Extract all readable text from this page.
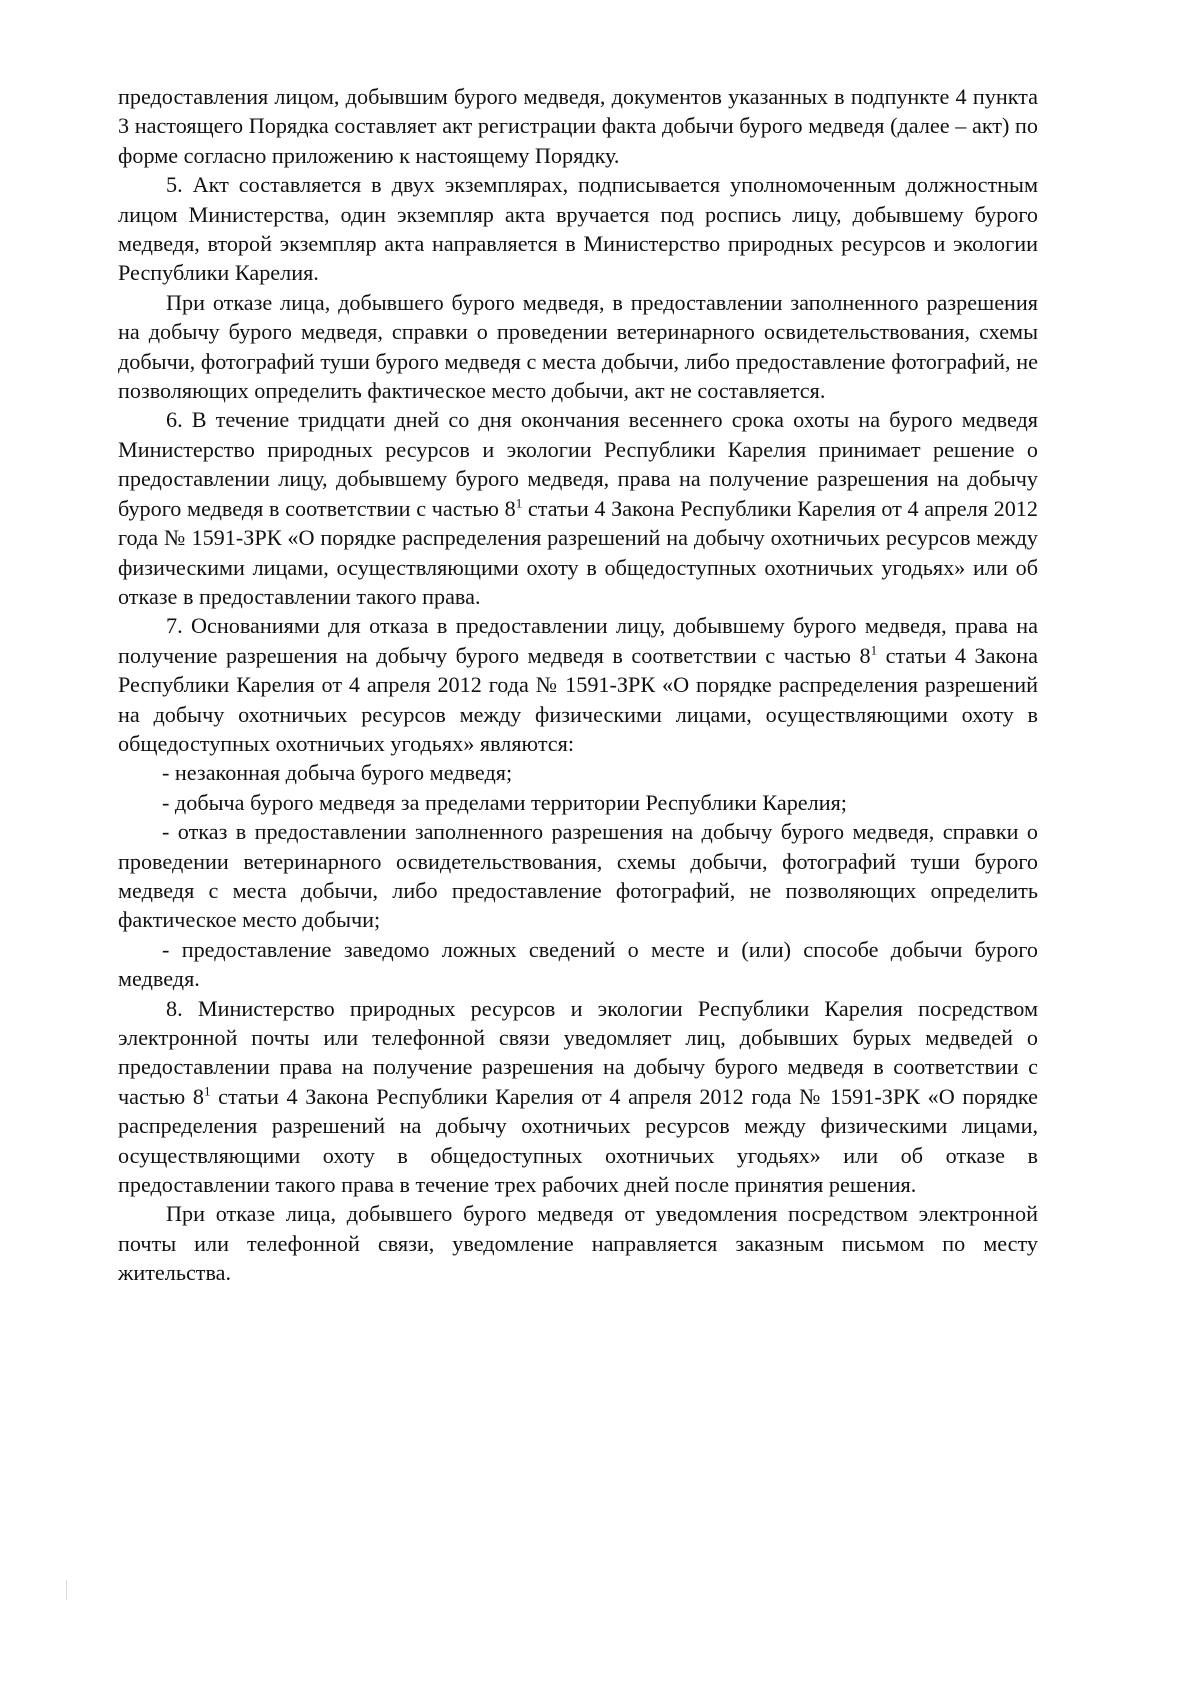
предоставления лицом, добывшим бурого медведя, документов указанных в подпункте 4 пункта 3 настоящего Порядка составляет акт регистрации факта добычи бурого медведя (далее – акт) по форме согласно приложению к настоящему Порядку.

5. Акт составляется в двух экземплярах, подписывается уполномоченным должностным лицом Министерства, один экземпляр акта вручается под роспись лицу, добывшему бурого медведя, второй экземпляр акта направляется в Министерство природных ресурсов и экологии Республики Карелия.

При отказе лица, добывшего бурого медведя, в предоставлении заполненного разрешения на добычу бурого медведя, справки о проведении ветеринарного освидетельствования, схемы добычи, фотографий туши бурого медведя с места добычи, либо предоставление фотографий, не позволяющих определить фактическое место добычи, акт не составляется.

6. В течение тридцати дней со дня окончания весеннего срока охоты на бурого медведя Министерство природных ресурсов и экологии Республики Карелия принимает решение о предоставлении лицу, добывшему бурого медведя, права на получение разрешения на добычу бурого медведя в соответствии с частью $8^1$ статьи 4 Закона Республики Карелия от 4 апреля 2012 года № 1591-ЗРК «О порядке распределения разрешений на добычу охотничьих ресурсов между физическими лицами, осуществляющими охоту в общедоступных охотничьих угодьях» или об отказе в предоставлении такого права.

7. Основаниями для отказа в предоставлении лицу, добывшему бурого медведя, права на получение разрешения на добычу бурого медведя в соответствии с частью $8^1$ статьи 4 Закона Республики Карелия от 4 апреля 2012 года № 1591-ЗРК «О порядке распределения разрешений на добычу охотничьих ресурсов между физическими лицами, осуществляющими охоту в общедоступных охотничьих угодьях» являются:

- незаконная добыча бурого медведя;

- добыча бурого медведя за пределами территории Республики Карелия;

- отказ в предоставлении заполненного разрешения на добычу бурого медведя, справки о проведении ветеринарного освидетельствования, схемы добычи, фотографий туши бурого медведя с места добычи, либо предоставление фотографий, не позволяющих определить фактическое место добычи;

- предоставление заведомо ложных сведений о месте и (или) способе добычи бурого медведя.

8. Министерство природных ресурсов и экологии Республики Карелия посредством электронной почты или телефонной связи уведомляет лиц, добывших бурых медведей о предоставлении права на получение разрешения на добычу бурого медведя в соответствии с частью $8^1$ статьи 4 Закона Республики Карелия от 4 апреля 2012 года № 1591-ЗРК «О порядке распределения разрешений на добычу охотничьих ресурсов между физическими лицами, осуществляющими охоту в общедоступных охотничьих угодьях» или об отказе в предоставлении такого права в течение трех рабочих дней после принятия решения.

При отказе лица, добывшего бурого медведя от уведомления посредством электронной почты или телефонной связи, уведомление направляется заказным письмом по месту жительства.
